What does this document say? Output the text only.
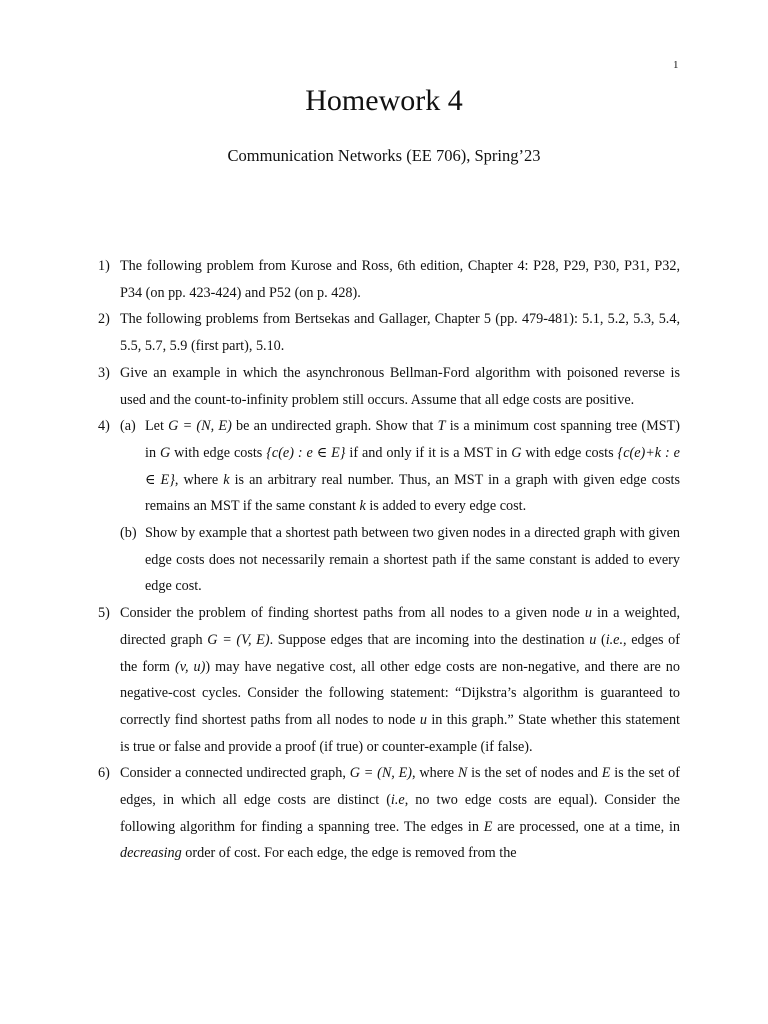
1
Homework 4
Communication Networks (EE 706), Spring’23
1) The following problem from Kurose and Ross, 6th edition, Chapter 4: P28, P29, P30, P31, P32, P34 (on pp. 423-424) and P52 (on p. 428).
2) The following problems from Bertsekas and Gallager, Chapter 5 (pp. 479-481): 5.1, 5.2, 5.3, 5.4, 5.5, 5.7, 5.9 (first part), 5.10.
3) Give an example in which the asynchronous Bellman-Ford algorithm with poisoned reverse is used and the count-to-infinity problem still occurs. Assume that all edge costs are positive.
4) (a) Let G = (N, E) be an undirected graph. Show that T is a minimum cost spanning tree (MST) in G with edge costs {c(e) : e ∈ E} if and only if it is a MST in G with edge costs {c(e)+k : e ∈ E}, where k is an arbitrary real number. Thus, an MST in a graph with given edge costs remains an MST if the same constant k is added to every edge cost.
(b) Show by example that a shortest path between two given nodes in a directed graph with given edge costs does not necessarily remain a shortest path if the same constant is added to every edge cost.
5) Consider the problem of finding shortest paths from all nodes to a given node u in a weighted, directed graph G = (V, E). Suppose edges that are incoming into the destination u (i.e., edges of the form (v, u)) may have negative cost, all other edge costs are non-negative, and there are no negative-cost cycles. Consider the following statement: “Dijkstra’s algorithm is guaranteed to correctly find shortest paths from all nodes to node u in this graph.” State whether this statement is true or false and provide a proof (if true) or counter-example (if false).
6) Consider a connected undirected graph, G = (N, E), where N is the set of nodes and E is the set of edges, in which all edge costs are distinct (i.e, no two edge costs are equal). Consider the following algorithm for finding a spanning tree. The edges in E are processed, one at a time, in decreasing order of cost. For each edge, the edge is removed from the
